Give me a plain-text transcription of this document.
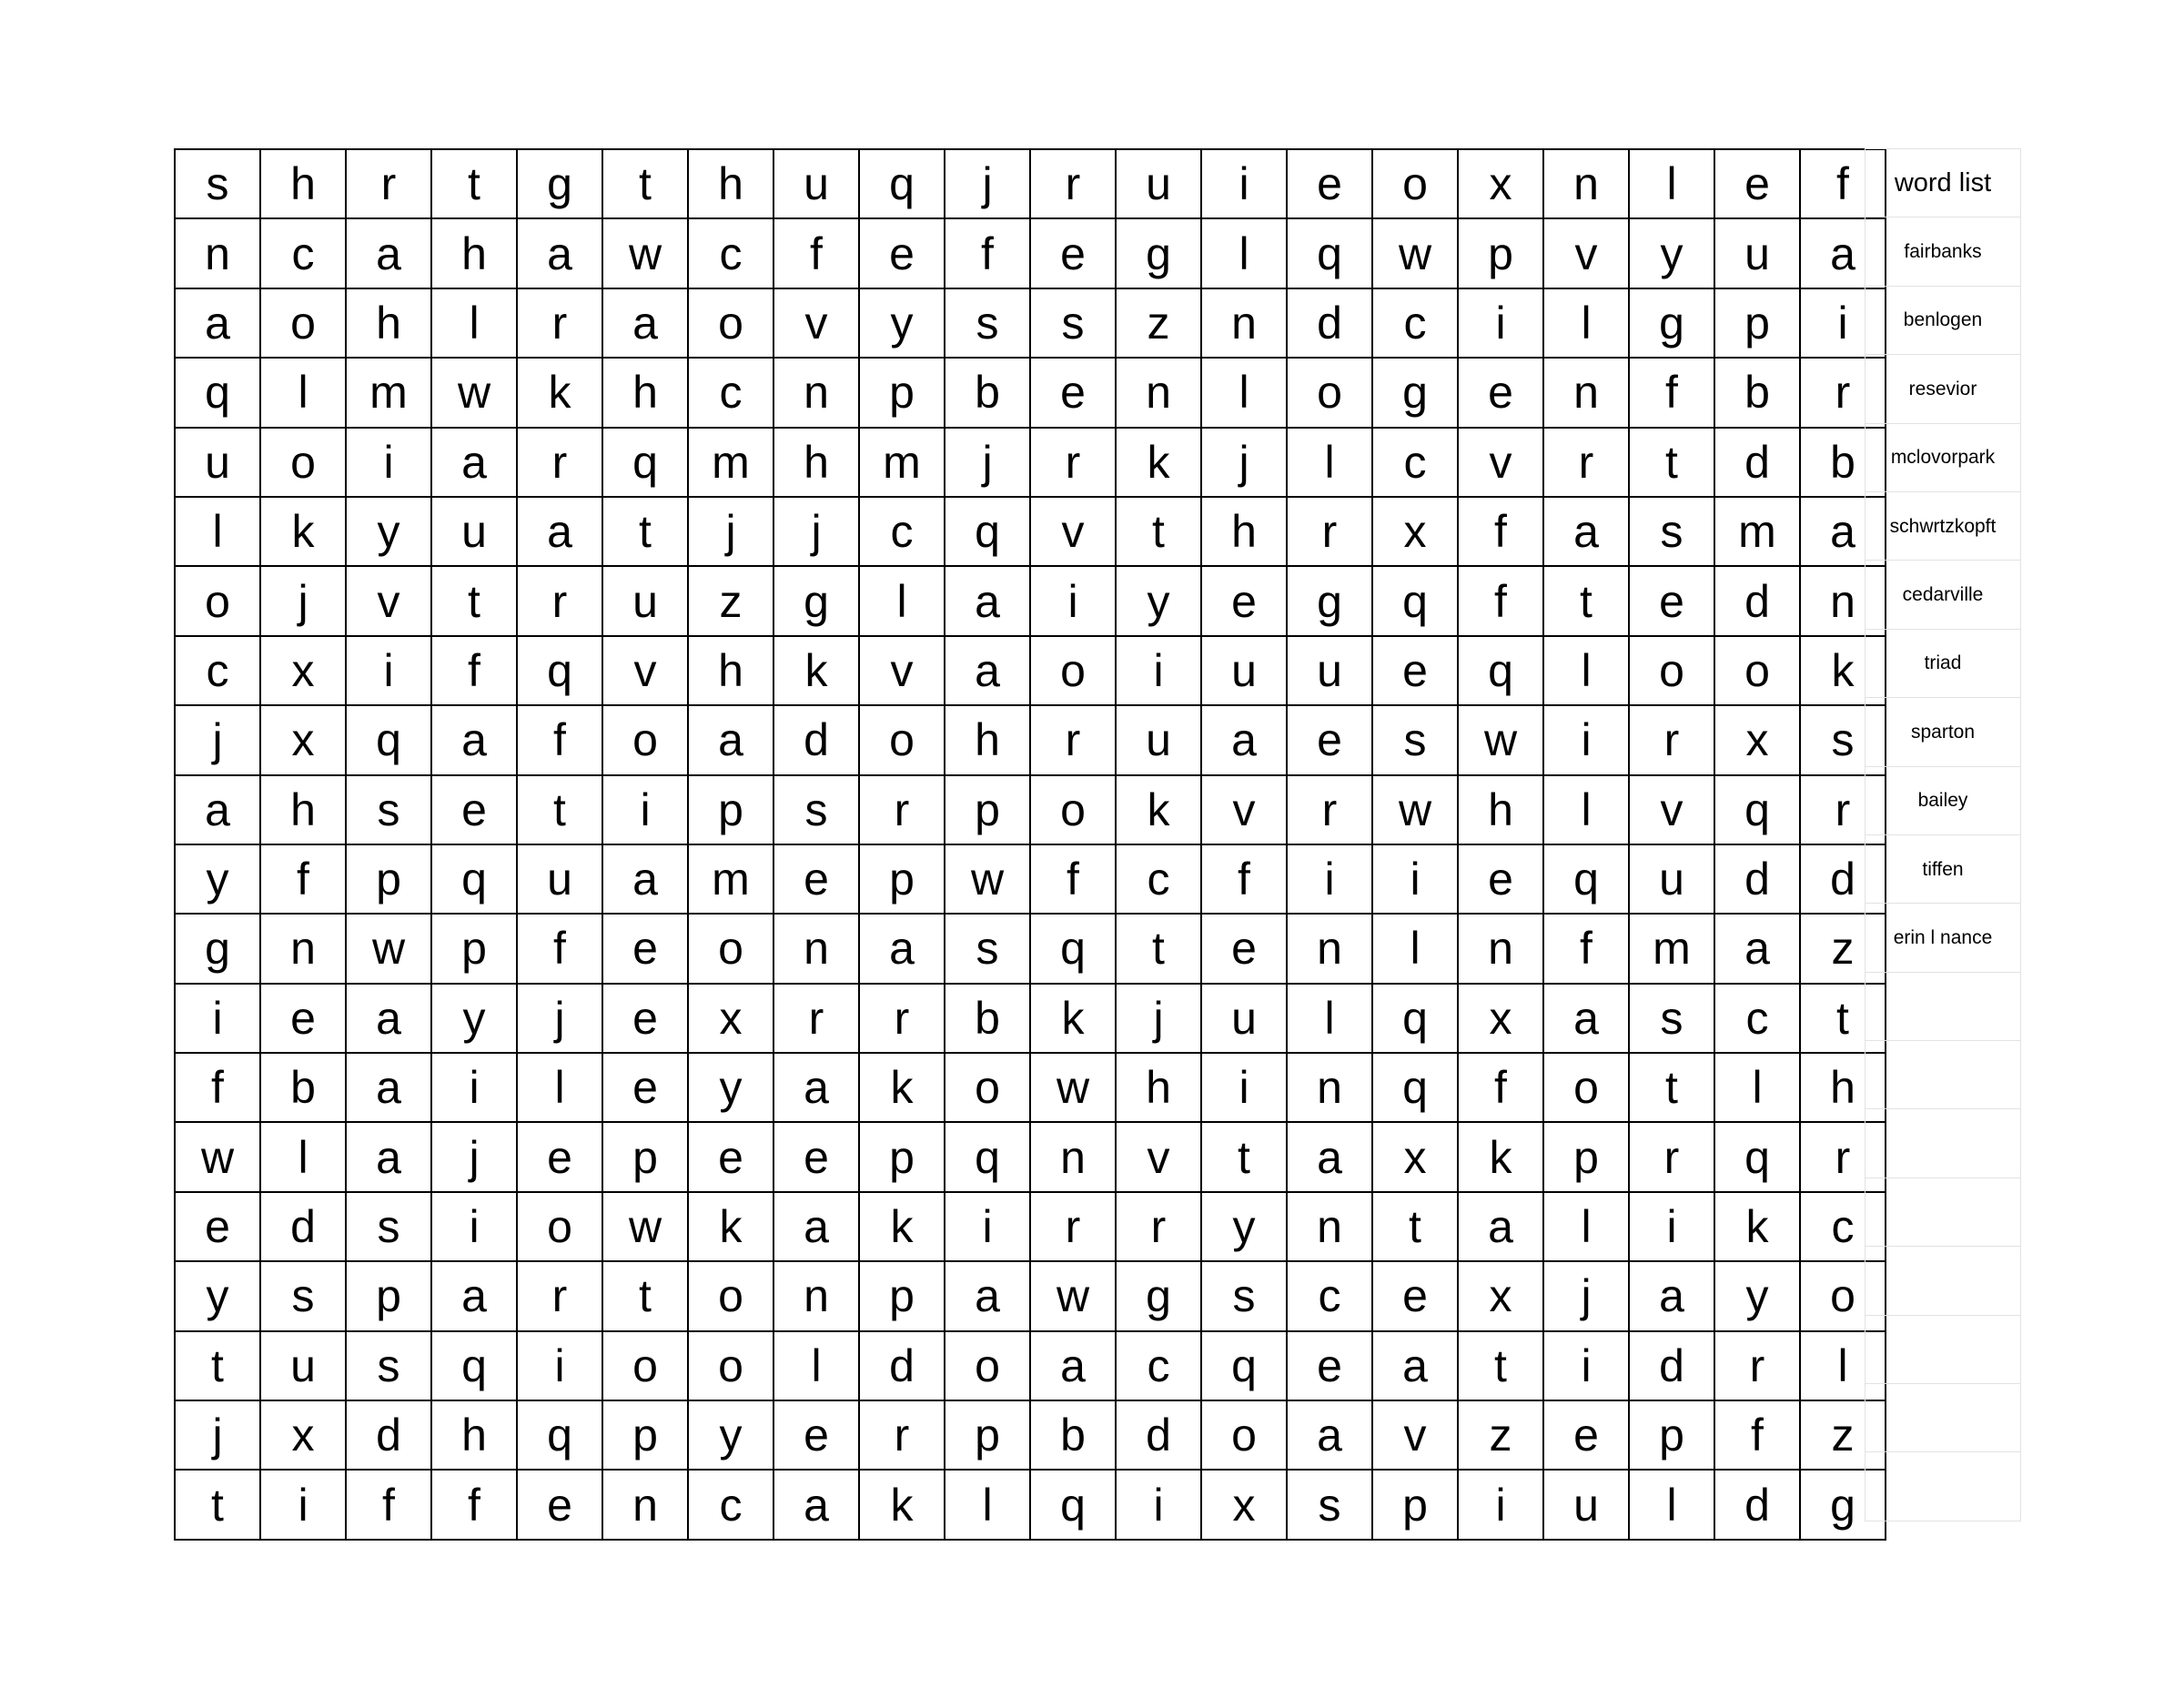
s	h	r	t	g	t	h	u	q	j	r	u	i	e	o	x	n	l	e	f
n	c	a	h	a	w	c	f	e	f	e	g	l	q	w	p	v	y	u	a
a	o	h	l	r	a	o	v	y	s	s	z	n	d	c	i	l	g	p	i
q	l	m	w	k	h	c	n	p	b	e	n	l	o	g	e	n	f	b	r
u	o	i	a	r	q	m	h	m	j	r	k	j	l	c	v	r	t	d	b
l	k	y	u	a	t	j	j	c	q	v	t	h	r	x	f	a	s	m	a
o	j	v	t	r	u	z	g	l	a	i	y	e	g	q	f	t	e	d	n
c	x	i	f	q	v	h	k	v	a	o	i	u	u	e	q	l	o	o	k
j	x	q	a	f	o	a	d	o	h	r	u	a	e	s	w	i	r	x	s
a	h	s	e	t	i	p	s	r	p	o	k	v	r	w	h	l	v	q	r
y	f	p	q	u	a	m	e	p	w	f	c	f	i	i	e	q	u	d	d
g	n	w	p	f	e	o	n	a	s	q	t	e	n	l	n	f	m	a	z
i	e	a	y	j	e	x	r	r	b	k	j	u	l	q	x	a	s	c	t
f	b	a	i	l	e	y	a	k	o	w	h	i	n	q	f	o	t	l	h
w	l	a	j	e	p	e	e	p	q	n	v	t	a	x	k	p	r	q	r
e	d	s	i	o	w	k	a	k	i	r	r	y	n	t	a	l	i	k	c
y	s	p	a	r	t	o	n	p	a	w	g	s	c	e	x	j	a	y	o
t	u	s	q	i	o	o	l	d	o	a	c	q	e	a	t	i	d	r	l
j	x	d	h	q	p	y	e	r	p	b	d	o	a	v	z	e	p	f	z
t	i	f	f	e	n	c	a	k	l	q	i	x	s	p	i	u	l	d	g
word list
fairbanks
benlogen
resevior
mclovorpark
schwrtzkopft
cedarville
triad
sparton
bailey
tiffen
erin l nance
